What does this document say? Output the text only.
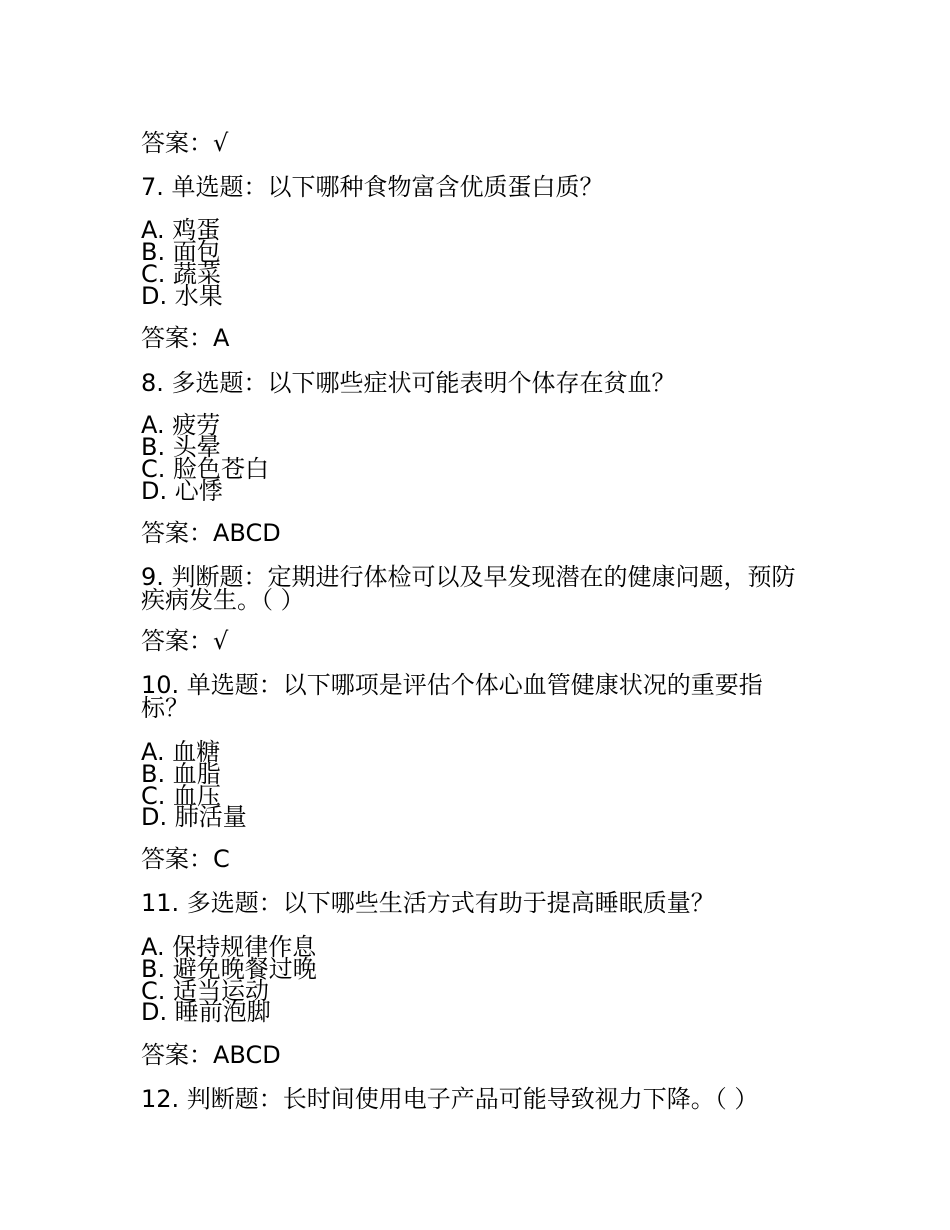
答案：√
7. 单选题：以下哪种食物富含优质蛋白质？
A. 鸡蛋
B. 面包
C. 蔬菜
D. 水果
答案：A
8. 多选题：以下哪些症状可能表明个体存在贫血？
A. 疲劳
B. 头晕
C. 脸色苍白
D. 心悸
答案：ABCD
9. 判断题：定期进行体检可以及早发现潜在的健康问题，预防疾病发生。（ ）
答案：√
10. 单选题：以下哪项是评估个体心血管健康状况的重要指标？
A. 血糖
B. 血脂
C. 血压
D. 肺活量
答案：C
11. 多选题：以下哪些生活方式有助于提高睡眠质量？
A. 保持规律作息
B. 避免晚餐过晚
C. 适当运动
D. 睡前泡脚
答案：ABCD
12. 判断题：长时间使用电子产品可能导致视力下降。（ ）
